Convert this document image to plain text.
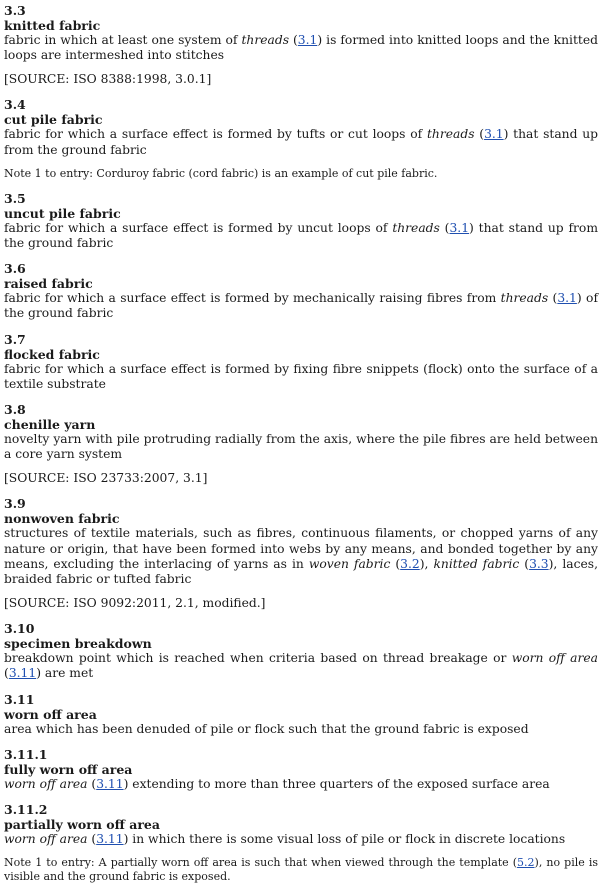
3.3
knitted fabric
fabric in which at least one system of threads (3.1) is formed into knitted loops and the knitted loops are intermeshed into stitches
[SOURCE: ISO 8388:1998, 3.0.1]
3.4
cut pile fabric
fabric for which a surface effect is formed by tufts or cut loops of threads (3.1) that stand up from the ground fabric
Note 1 to entry: Corduroy fabric (cord fabric) is an example of cut pile fabric.
3.5
uncut pile fabric
fabric for which a surface effect is formed by uncut loops of threads (3.1) that stand up from the ground fabric
3.6
raised fabric
fabric for which a surface effect is formed by mechanically raising fibres from threads (3.1) of the ground fabric
3.7
flocked fabric
fabric for which a surface effect is formed by fixing fibre snippets (flock) onto the surface of a textile substrate
3.8
chenille yarn
novelty yarn with pile protruding radially from the axis, where the pile fibres are held between a core yarn system
[SOURCE: ISO 23733:2007, 3.1]
3.9
nonwoven fabric
structures of textile materials, such as fibres, continuous filaments, or chopped yarns of any nature or origin, that have been formed into webs by any means, and bonded together by any means, excluding the interlacing of yarns as in woven fabric (3.2), knitted fabric (3.3), laces, braided fabric or tufted fabric
[SOURCE: ISO 9092:2011, 2.1, modified.]
3.10
specimen breakdown
breakdown point which is reached when criteria based on thread breakage or worn off area (3.11) are met
3.11
worn off area
area which has been denuded of pile or flock such that the ground fabric is exposed
3.11.1
fully worn off area
worn off area (3.11) extending to more than three quarters of the exposed surface area
3.11.2
partially worn off area
worn off area (3.11) in which there is some visual loss of pile or flock in discrete locations
Note 1 to entry: A partially worn off area is such that when viewed through the template (5.2), no pile is visible and the ground fabric is exposed.
